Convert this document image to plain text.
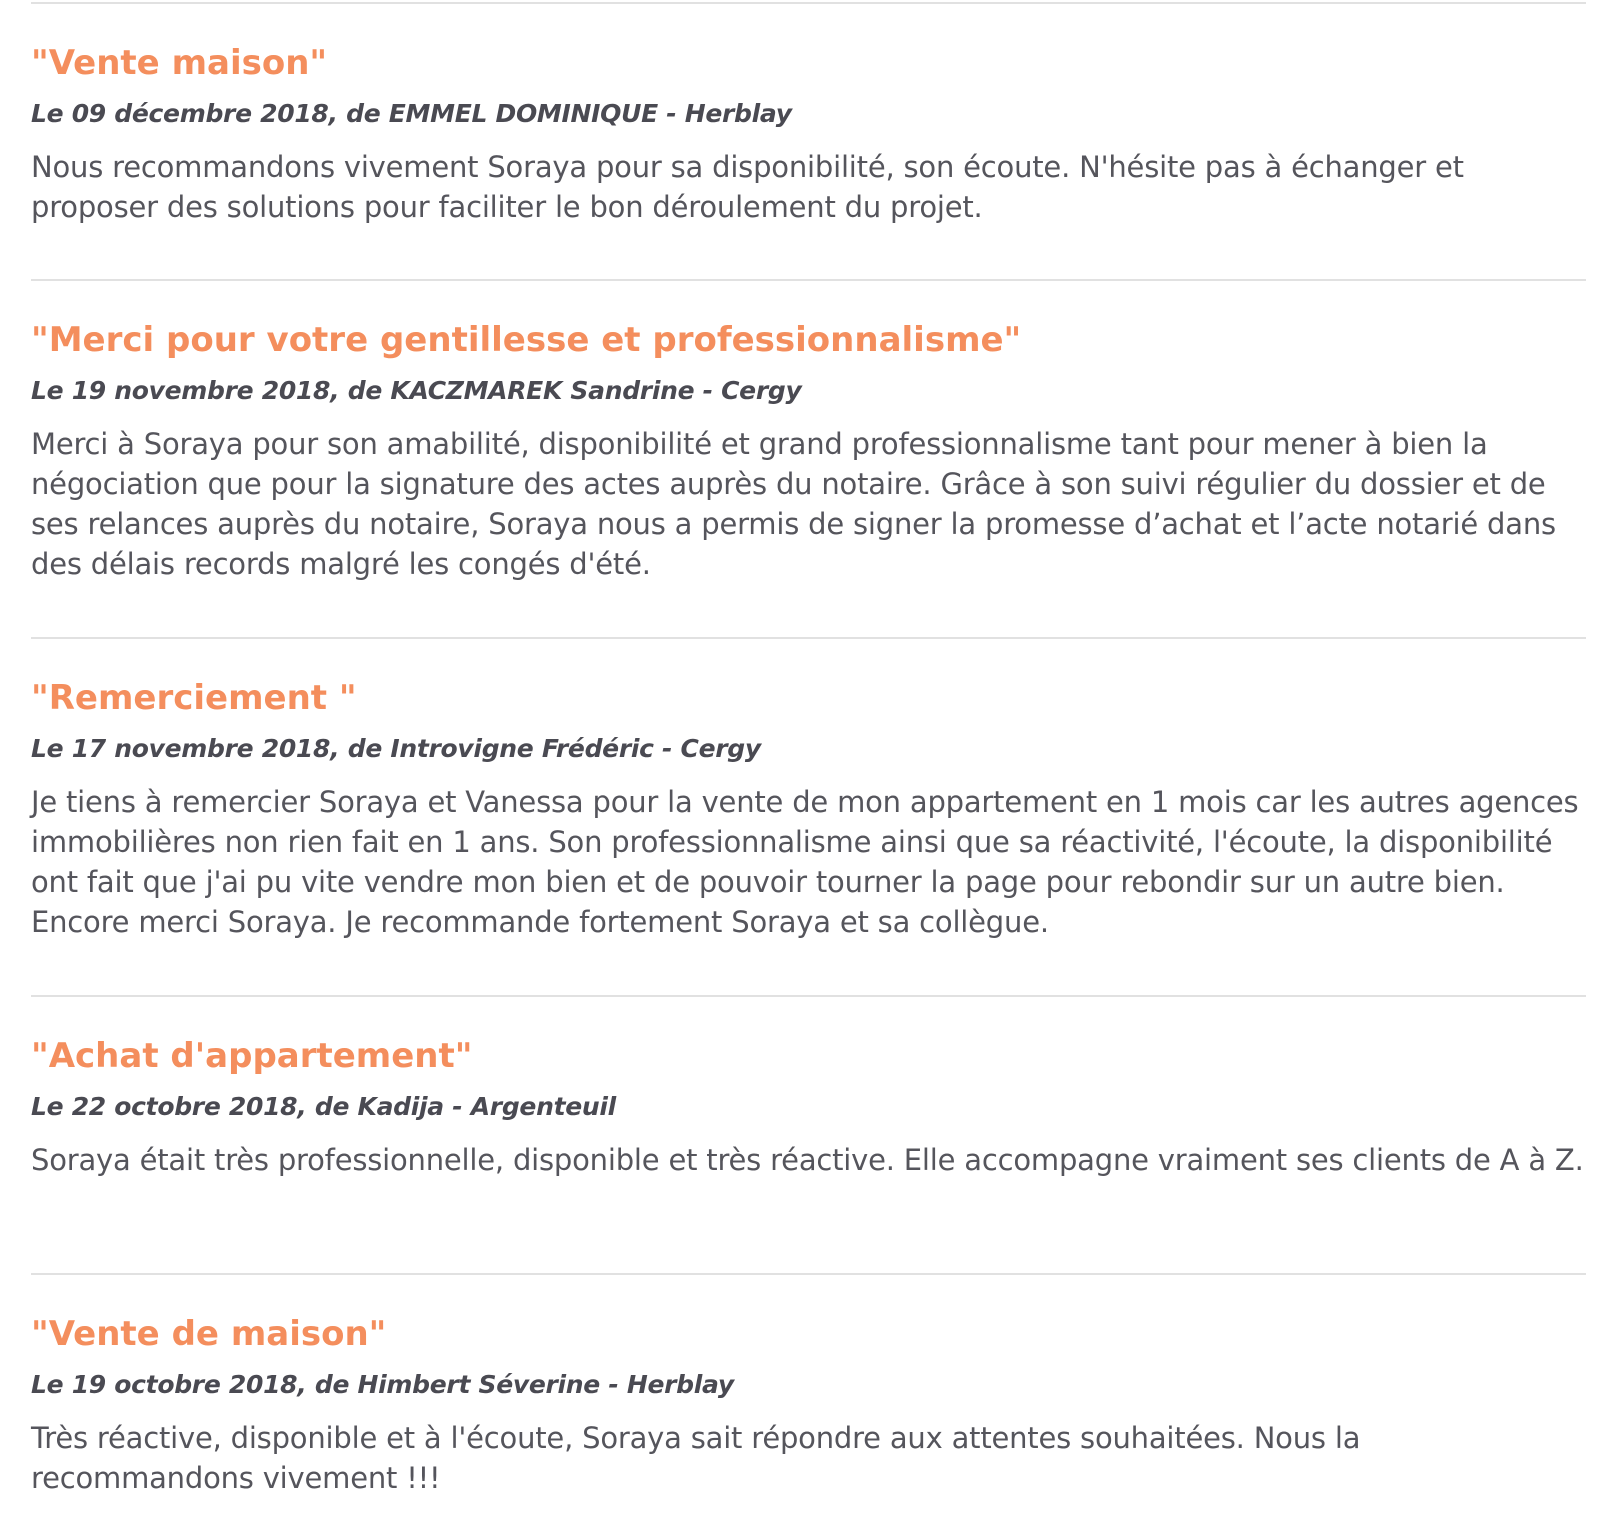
"Vente maison"

Le 09 décembre 2018, de EMMEL DOMINIQUE - Herblay

Nous recommandons vivement Soraya pour sa disponibilité, son écoute. N'hésite pas à échanger et proposer des solutions pour faciliter le bon déroulement du projet.

"Merci pour votre gentillesse et professionnalisme"

Le 19 novembre 2018, de KACZMAREK Sandrine - Cergy

Merci à Soraya pour son amabilité, disponibilité et grand professionnalisme tant pour mener à bien la négociation que pour la signature des actes auprès du notaire. Grâce à son suivi régulier du dossier et de ses relances auprès du notaire, Soraya nous a permis de signer la promesse d’achat et l’acte notarié dans des délais records malgré les congés d'été.

"Remerciement "

Le 17 novembre 2018, de Introvigne Frédéric - Cergy

Je tiens à remercier Soraya et Vanessa pour la vente de mon appartement en 1 mois car les autres agences immobilières non rien fait en 1 ans. Son professionnalisme ainsi que sa réactivité, l'écoute, la disponibilité ont fait que j'ai pu vite vendre mon bien et de pouvoir tourner la page pour rebondir sur un autre bien. Encore merci Soraya. Je recommande fortement Soraya et sa collègue.

"Achat d'appartement"

Le 22 octobre 2018, de Kadija - Argenteuil

Soraya était très professionnelle, disponible et très réactive. Elle accompagne vraiment ses clients de A à Z.

"Vente de maison"

Le 19 octobre 2018, de Himbert Séverine - Herblay

Très réactive, disponible et à l'écoute, Soraya sait répondre aux attentes souhaitées. Nous la recommandons vivement !!!
